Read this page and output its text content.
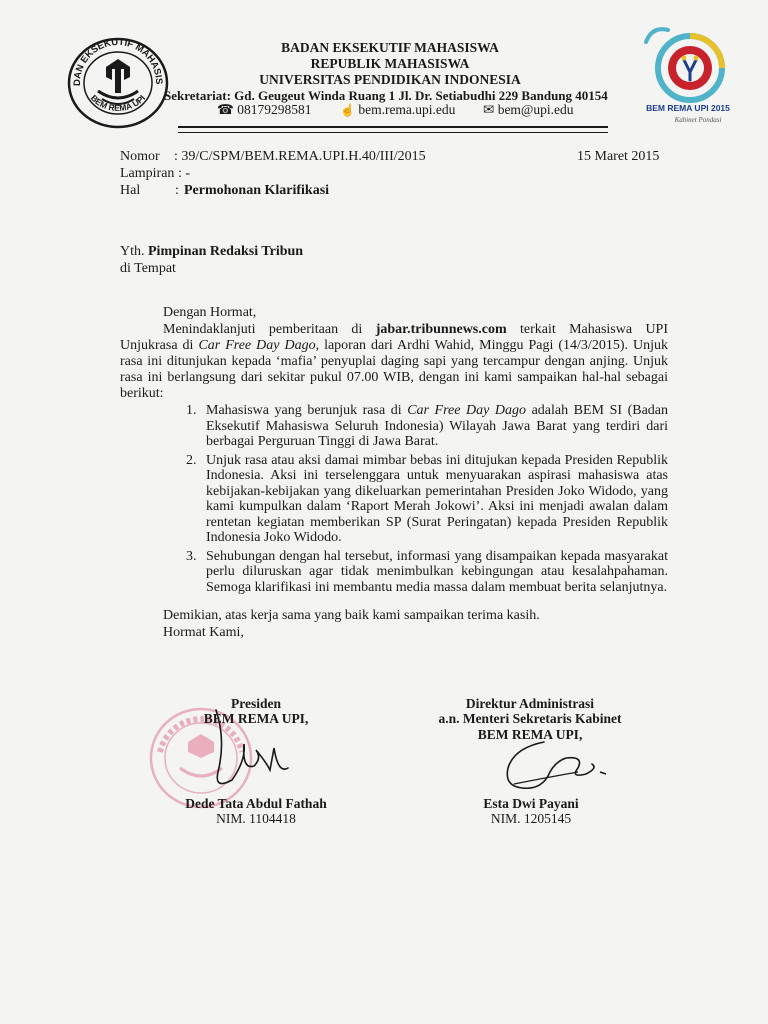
DAN EKSEKUTIF MAHASIS
BEM REMA UPI
BEM REMA UPI 2015
Kabinet Pondasi
BADAN EKSEKUTIF MAHASISWA
REPUBLIK MAHASISWA
UNIVERSITAS PENDIDIKAN INDONESIA
Sekretariat: Gd. Geugeut Winda Ruang 1 Jl. Dr. Setiabudhi 229 Bandung 40154
☎ 08179298581 ☝ bem.rema.upi.edu ✉ bem@upi.edu
Nomor : 39/C/SPM/BEM.REMA.UPI.H.40/III/2015	15 Maret 2015
Lampiran : -
Hal : Permohonan Klarifikasi
Yth. Pimpinan Redaksi Tribun
di Tempat
Dengan Hormat,
Menindaklanjuti pemberitaan di jabar.tribunnews.com terkait Mahasiswa UPI Unjukrasa di Car Free Day Dago, laporan dari Ardhi Wahid, Minggu Pagi (14/3/2015). Unjuk rasa ini ditunjukan kepada ‘mafia’ penyuplai daging sapi yang tercampur dengan anjing. Unjuk rasa ini berlangsung dari sekitar pukul 07.00 WIB, dengan ini kami sampaikan hal-hal sebagai berikut:
1. Mahasiswa yang berunjuk rasa di Car Free Day Dago adalah BEM SI (Badan Eksekutif Mahasiswa Seluruh Indonesia) Wilayah Jawa Barat yang terdiri dari berbagai Perguruan Tinggi di Jawa Barat.
2. Unjuk rasa atau aksi damai mimbar bebas ini ditujukan kepada Presiden Republik Indonesia. Aksi ini terselenggara untuk menyuarakan aspirasi mahasiswa atas kebijakan-kebijakan yang dikeluarkan pemerintahan Presiden Joko Widodo, yang kami kumpulkan dalam ‘Raport Merah Jokowi’. Aksi ini menjadi awalan dalam rentetan kegiatan memberikan SP (Surat Peringatan) kepada Presiden Republik Indonesia Joko Widodo.
3. Sehubungan dengan hal tersebut, informasi yang disampaikan kepada masyarakat perlu diluruskan agar tidak menimbulkan kebingungan atau kesalahpahaman. Semoga klarifikasi ini membantu media massa dalam membuat berita selanjutnya.
Demikian, atas kerja sama yang baik kami sampaikan terima kasih.
Hormat Kami,
Presiden
BEM REMA UPI,
Dede Tata Abdul Fathah
NIM. 1104418
Direktur Administrasi
a.n. Menteri Sekretaris Kabinet
BEM REMA UPI,
Esta Dwi Payani
NIM. 1205145
